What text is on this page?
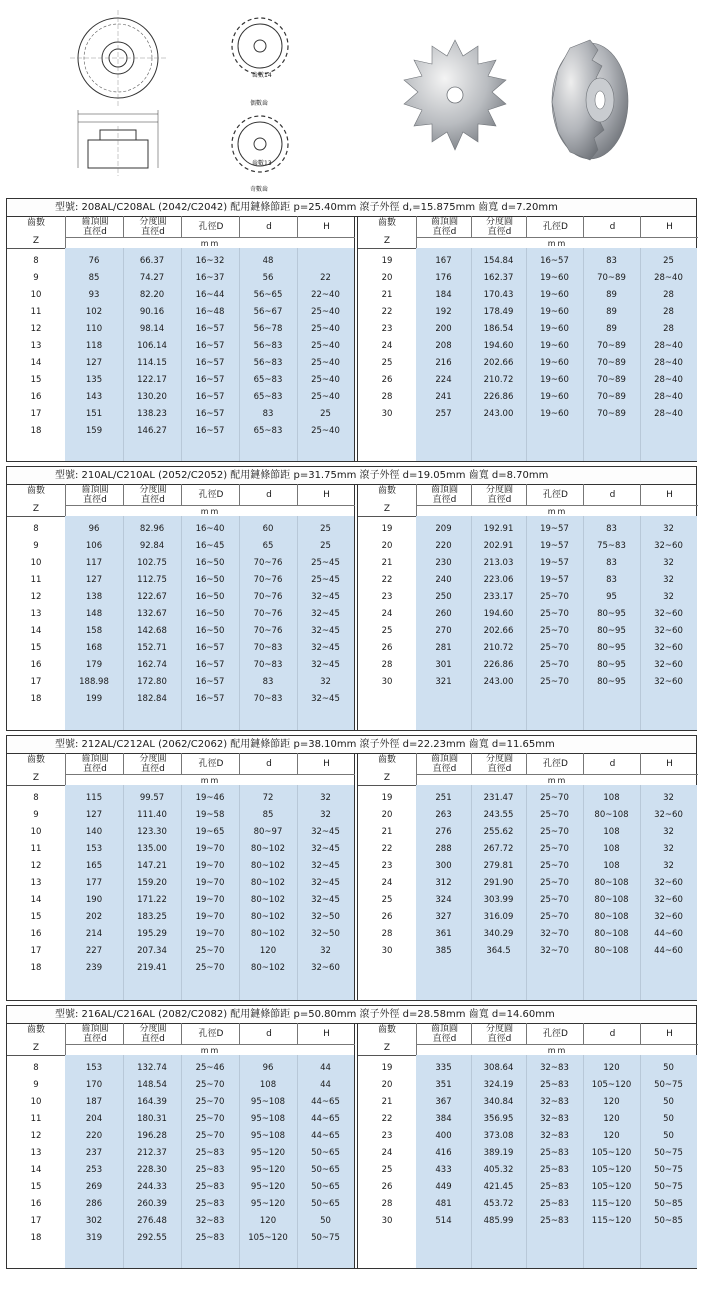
齒數14
偶數齒
齒數13
奇數齒
型號: 208AL/C208AL (2042/C2042) 配用鏈條節距 p=25.40mm 滾子外徑 d,=15.875mm 齒寬 d=7.20mm
齒數
Z
齒頂圓
直徑d
分度圓
直徑d	孔徑D	d	H
mm
8	76	66.37	16~32	48
9	85	74.27	16~37	56	22
10	93	82.20	16~44	56~65	22~40
11	102	90.16	16~48	56~67	25~40
12	110	98.14	16~57	56~78	25~40
13	118	106.14	16~57	56~83	25~40
14	127	114.15	16~57	56~83	25~40
15	135	122.17	16~57	65~83	25~40
16	143	130.20	16~57	65~83	25~40
17	151	138.23	16~57	83	25
18	159	146.27	16~57	65~83	25~40
齒數
Z
齒頂圓
直徑d
分度圓
直徑d	孔徑D	d	H
mm
19	167	154.84	16~57	83	25
20	176	162.37	19~60	70~89	28~40
21	184	170.43	19~60	89	28
22	192	178.49	19~60	89	28
23	200	186.54	19~60	89	28
24	208	194.60	19~60	70~89	28~40
25	216	202.66	19~60	70~89	28~40
26	224	210.72	19~60	70~89	28~40
28	241	226.86	19~60	70~89	28~40
30	257	243.00	19~60	70~89	28~40
型號: 210AL/C210AL (2052/C2052) 配用鏈條節距 p=31.75mm 滾子外徑 d=19.05mm 齒寬 d=8.70mm
齒數
Z
齒頂圓
直徑d
分度圓
直徑d	孔徑D	d	H
mm
8	96	82.96	16~40	60	25
9	106	92.84	16~45	65	25
10	117	102.75	16~50	70~76	25~45
11	127	112.75	16~50	70~76	25~45
12	138	122.67	16~50	70~76	32~45
13	148	132.67	16~50	70~76	32~45
14	158	142.68	16~50	70~76	32~45
15	168	152.71	16~57	70~83	32~45
16	179	162.74	16~57	70~83	32~45
17	188.98	172.80	16~57	83	32
18	199	182.84	16~57	70~83	32~45
齒數
Z
齒頂圓
直徑d
分度圓
直徑d	孔徑D	d	H
mm
19	209	192.91	19~57	83	32
20	220	202.91	19~57	75~83	32~60
21	230	213.03	19~57	83	32
22	240	223.06	19~57	83	32
23	250	233.17	25~70	95	32
24	260	194.60	25~70	80~95	32~60
25	270	202.66	25~70	80~95	32~60
26	281	210.72	25~70	80~95	32~60
28	301	226.86	25~70	80~95	32~60
30	321	243.00	25~70	80~95	32~60
型號: 212AL/C212AL (2062/C2062) 配用鏈條節距 p=38.10mm 滾子外徑 d=22.23mm 齒寬 d=11.65mm
齒數
Z
齒頂圓
直徑d
分度圓
直徑d	孔徑D	d	H
mm
8	115	99.57	19~46	72	32
9	127	111.40	19~58	85	32
10	140	123.30	19~65	80~97	32~45
11	153	135.00	19~70	80~102	32~45
12	165	147.21	19~70	80~102	32~45
13	177	159.20	19~70	80~102	32~45
14	190	171.22	19~70	80~102	32~45
15	202	183.25	19~70	80~102	32~50
16	214	195.29	19~70	80~102	32~50
17	227	207.34	25~70	120	32
18	239	219.41	25~70	80~102	32~60
齒數
Z
齒頂圓
直徑d
分度圓
直徑d	孔徑D	d	H
mm
19	251	231.47	25~70	108	32
20	263	243.55	25~70	80~108	32~60
21	276	255.62	25~70	108	32
22	288	267.72	25~70	108	32
23	300	279.81	25~70	108	32
24	312	291.90	25~70	80~108	32~60
25	324	303.99	25~70	80~108	32~60
26	327	316.09	25~70	80~108	32~60
28	361	340.29	32~70	80~108	44~60
30	385	364.5	32~70	80~108	44~60
型號: 216AL/C216AL (2082/C2082) 配用鏈條節距 p=50.80mm 滾子外徑 d=28.58mm 齒寬 d=14.60mm
齒數
Z
齒頂圓
直徑d
分度圓
直徑d	孔徑D	d	H
mm
8	153	132.74	25~46	96	44
9	170	148.54	25~70	108	44
10	187	164.39	25~70	95~108	44~65
11	204	180.31	25~70	95~108	44~65
12	220	196.28	25~70	95~108	44~65
13	237	212.37	25~83	95~120	50~65
14	253	228.30	25~83	95~120	50~65
15	269	244.33	25~83	95~120	50~65
16	286	260.39	25~83	95~120	50~65
17	302	276.48	32~83	120	50
18	319	292.55	25~83	105~120	50~75
齒數
Z
齒頂圓
直徑d
分度圓
直徑d	孔徑D	d	H
mm
19	335	308.64	32~83	120	50
20	351	324.19	25~83	105~120	50~75
21	367	340.84	32~83	120	50
22	384	356.95	32~83	120	50
23	400	373.08	32~83	120	50
24	416	389.19	25~83	105~120	50~75
25	433	405.32	25~83	105~120	50~75
26	449	421.45	25~83	105~120	50~75
28	481	453.72	25~83	115~120	50~85
30	514	485.99	25~83	115~120	50~85
